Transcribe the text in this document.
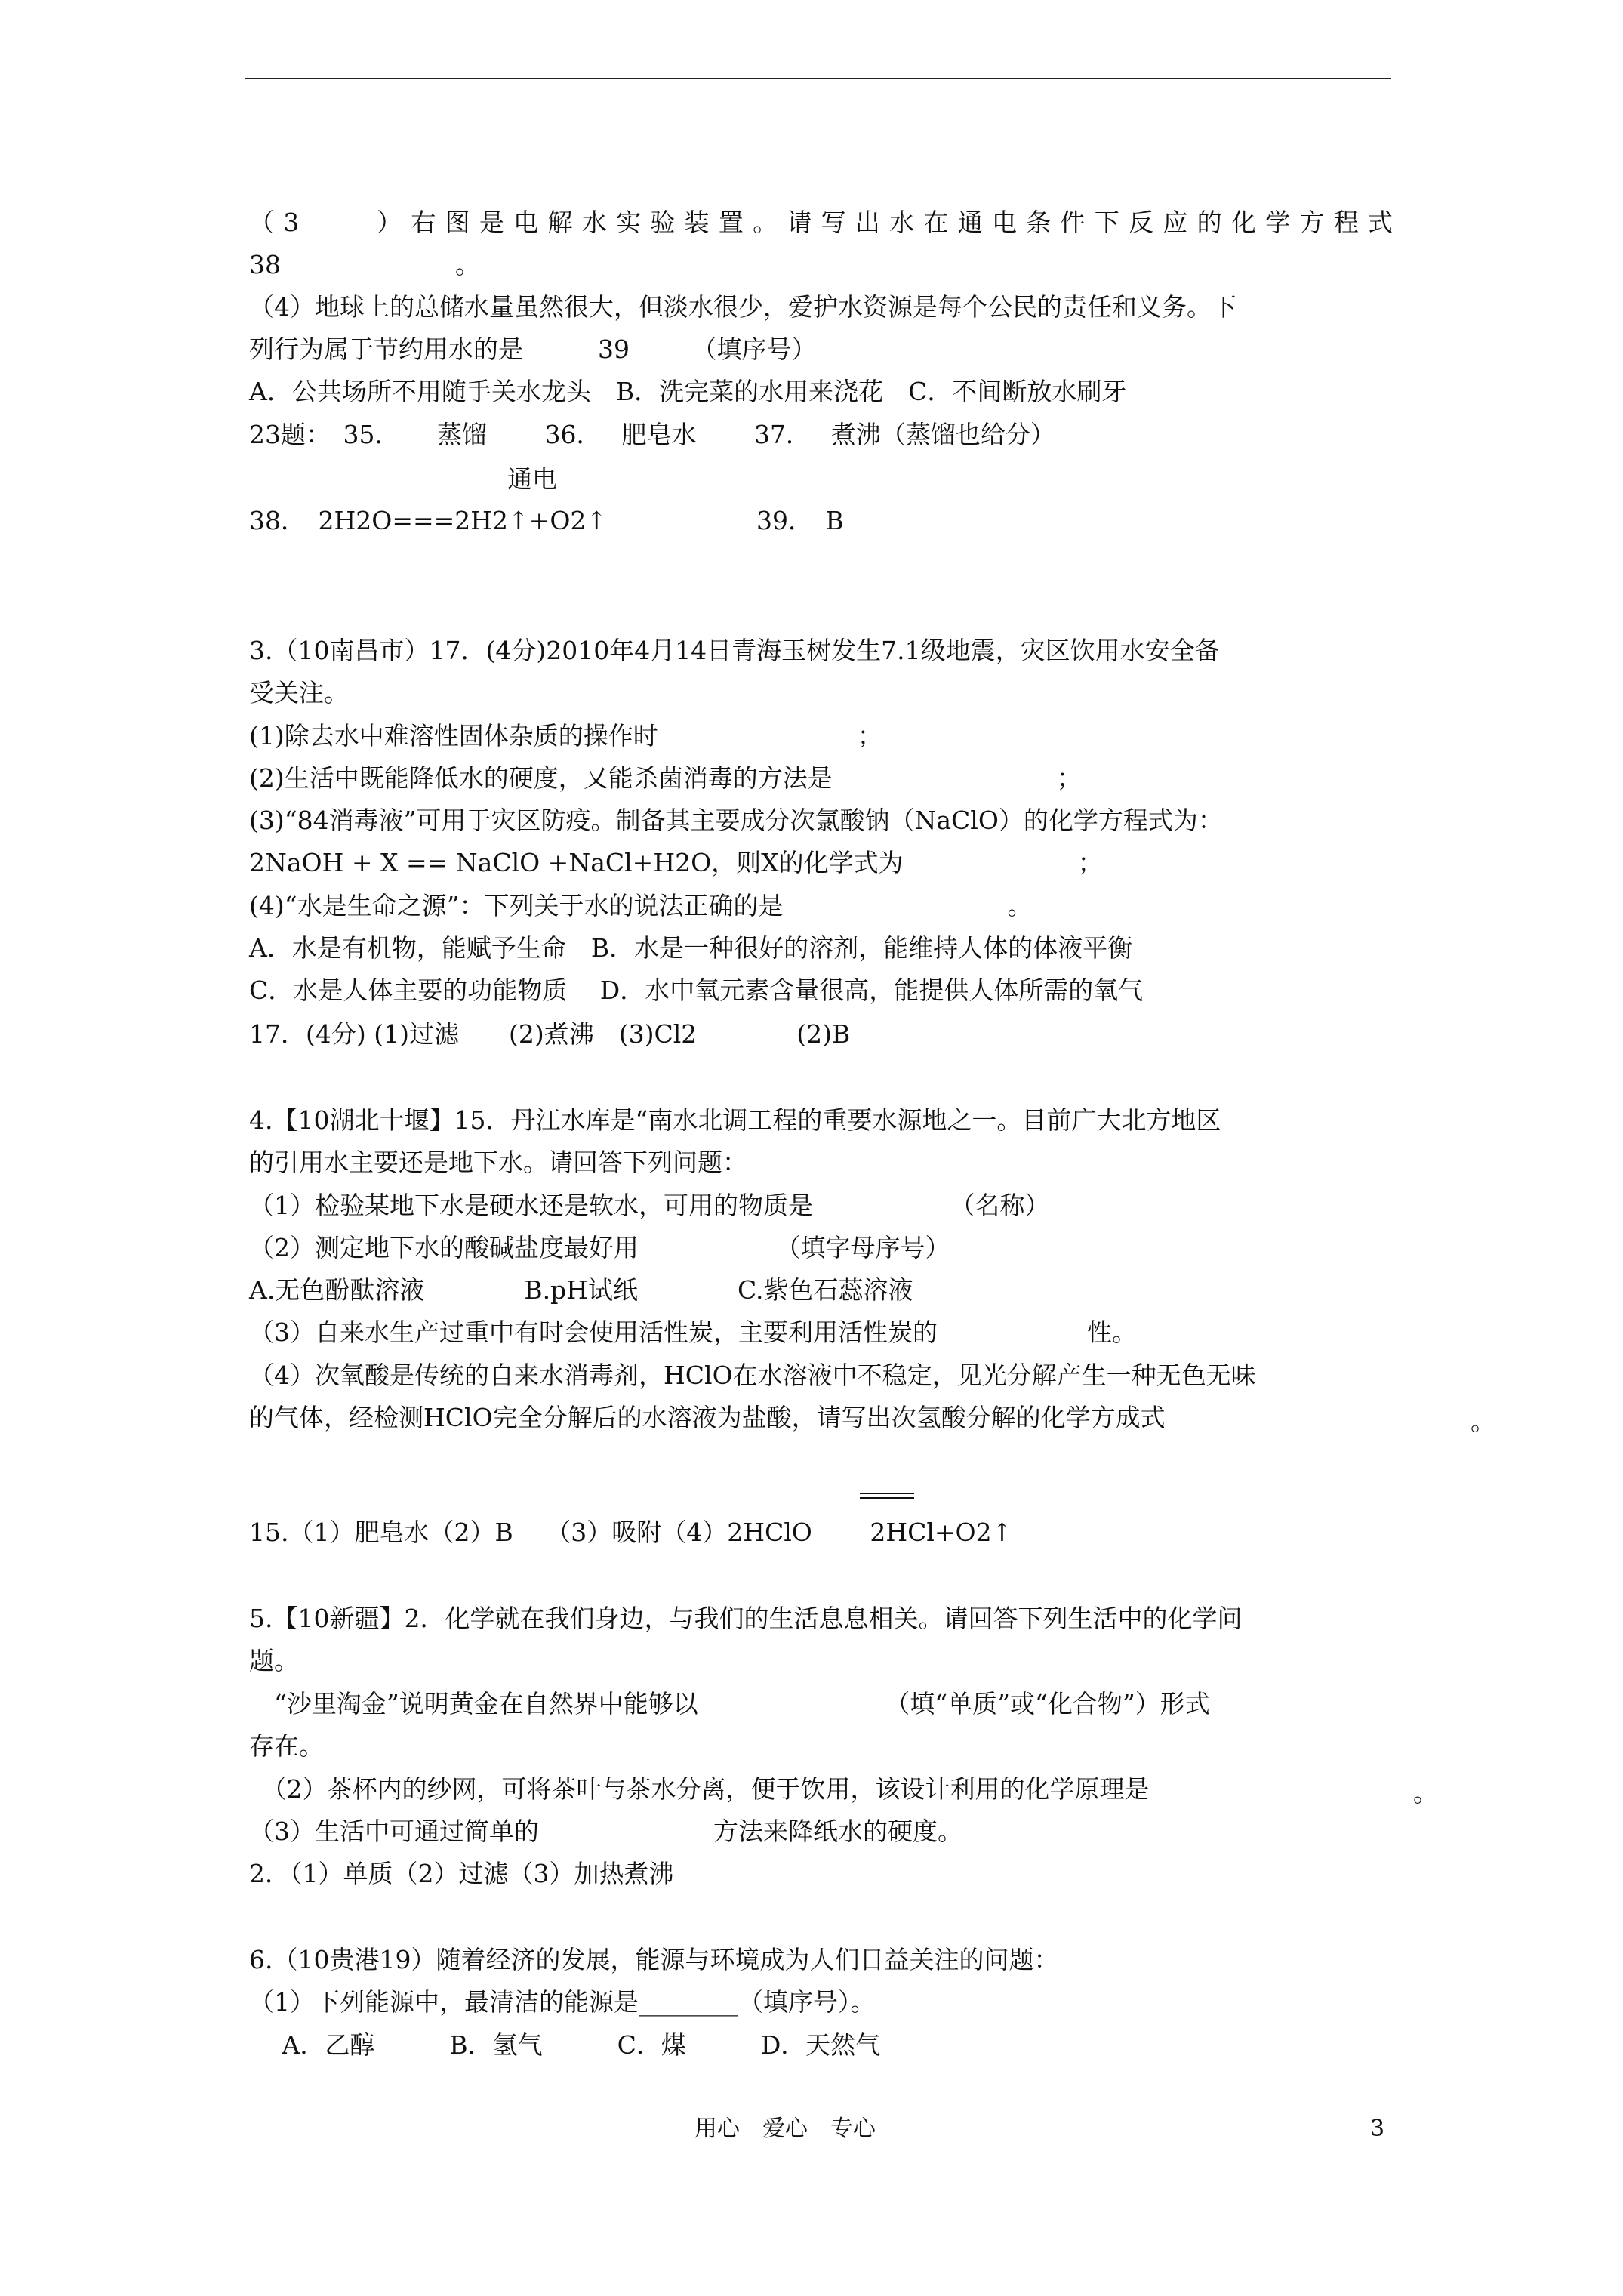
（3　　）右图是电解水实验装置。请写出水在通电条件下反应的化学方程式
38　　　　　　　。
（4）地球上的总储水量虽然很大，但淡水很少，爱护水资源是每个公民的责任和义务。下
列行为属于节约用水的是　　　39　　　（填序号）
A．公共场所不用随手关水龙头　B．洗完菜的水用来浇花　C．不间断放水刷牙
23题：　35．　　蒸馏　　 36．　 肥皂水　　 37．　 煮沸（蒸馏也给分）
通电
38．　2H2O===2H2↑+O2↑　　　　　　39．　B
3.（10南昌市）17．(4分)2010年4月14日青海玉树发生7.1级地震，灾区饮用水安全备
受关注。
(1)除去水中难溶性固体杂质的操作时　　　　　　　　；
(2)生活中既能降低水的硬度，又能杀菌消毒的方法是　　　　　　　　　；
(3)“84消毒液”可用于灾区防疫。制备其主要成分次氯酸钠（NaClO）的化学方程式为：
2NaOH + X == NaClO +NaCl+H2O，则X的化学式为　　　　　　　；
(4)“水是生命之源”：下列关于水的说法正确的是　　　　　　　　　。
A．水是有机物，能赋予生命　B．水是一种很好的溶剂，能维持人体的体液平衡
C．水是人体主要的功能物质　 D．水中氧元素含量很高，能提供人体所需的氧气
17．(4分) (1)过滤　　(2)煮沸　(3)Cl2　　　　(2)B
4.【10湖北十堰】15．丹江水库是“南水北调工程的重要水源地之一。目前广大北方地区
的引用水主要还是地下水。请回答下列问题：
（1）检验某地下水是硬水还是软水，可用的物质是　　　　　　（名称）
（2）测定地下水的酸碱盐度最好用　　　　　　（填字母序号）
A.无色酚酞溶液　　　　B.pH试纸　　　　C.紫色石蕊溶液
（3）自来水生产过重中有时会使用活性炭，主要利用活性炭的　　　　　　性。
（4）次氧酸是传统的自来水消毒剂，HClO在水溶液中不稳定，见光分解产生一种无色无味
的气体，经检测HClO完全分解后的水溶液为盐酸，请写出次氢酸分解的化学方成式	。
15.（1）肥皂水（2）B　 （3）吸附（4）2HClO　　 2HCl+O2↑
5.【10新疆】2．化学就在我们身边，与我们的生活息息相关。请回答下列生活中的化学问
题。
　“沙里淘金”说明黄金在自然界中能够以　　　　　　　　（填“单质”或“化合物”）形式
存在。
　（2）茶杯内的纱网，可将茶叶与茶水分离，便于饮用，该设计利用的化学原理是	。
（3）生活中可通过简单的　　　　　　　方法来降纸水的硬度。
2．（1）单质（2）过滤（3）加热煮沸
6.（10贵港19）随着经济的发展，能源与环境成为人们日益关注的问题：
（1）下列能源中，最清洁的能源是________（填序号）。
　 A．乙醇　　　B．氢气　　　C．煤　　　D．天然气
用心　爱心　专心	3
